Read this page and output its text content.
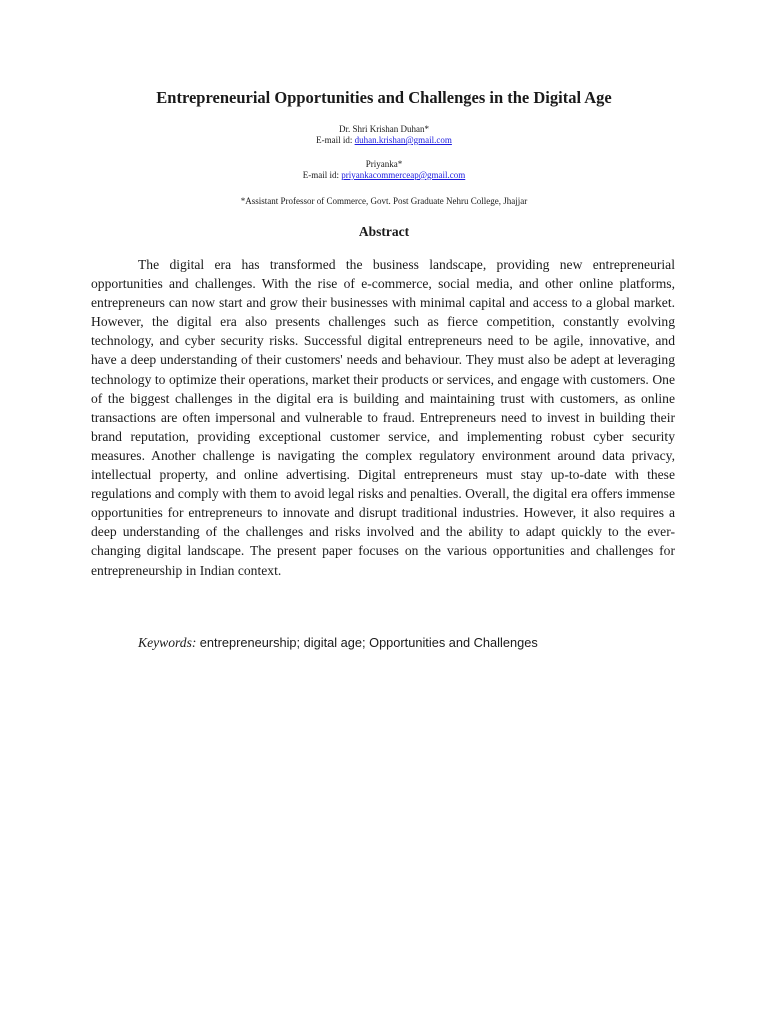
Entrepreneurial Opportunities and Challenges in the Digital Age
Dr. Shri Krishan Duhan*
E-mail id: duhan.krishan@gmail.com
Priyanka*
E-mail id: priyankacommerceap@gmail.com
*Assistant Professor of Commerce, Govt. Post Graduate Nehru College, Jhajjar
Abstract

The digital era has transformed the business landscape, providing new entrepreneurial opportunities and challenges. With the rise of e-commerce, social media, and other online platforms, entrepreneurs can now start and grow their businesses with minimal capital and access to a global market. However, the digital era also presents challenges such as fierce competition, constantly evolving technology, and cyber security risks. Successful digital entrepreneurs need to be agile, innovative, and have a deep understanding of their customers' needs and behaviour. They must also be adept at leveraging technology to optimize their operations, market their products or services, and engage with customers. One of the biggest challenges in the digital era is building and maintaining trust with customers, as online transactions are often impersonal and vulnerable to fraud. Entrepreneurs need to invest in building their brand reputation, providing exceptional customer service, and implementing robust cyber security measures. Another challenge is navigating the complex regulatory environment around data privacy, intellectual property, and online advertising. Digital entrepreneurs must stay up-to-date with these regulations and comply with them to avoid legal risks and penalties. Overall, the digital era offers immense opportunities for entrepreneurs to innovate and disrupt traditional industries. However, it also requires a deep understanding of the challenges and risks involved and the ability to adapt quickly to the ever-changing digital landscape. The present paper focuses on the various opportunities and challenges for entrepreneurship in Indian context.

Keywords: entrepreneurship; digital age; Opportunities and Challenges
